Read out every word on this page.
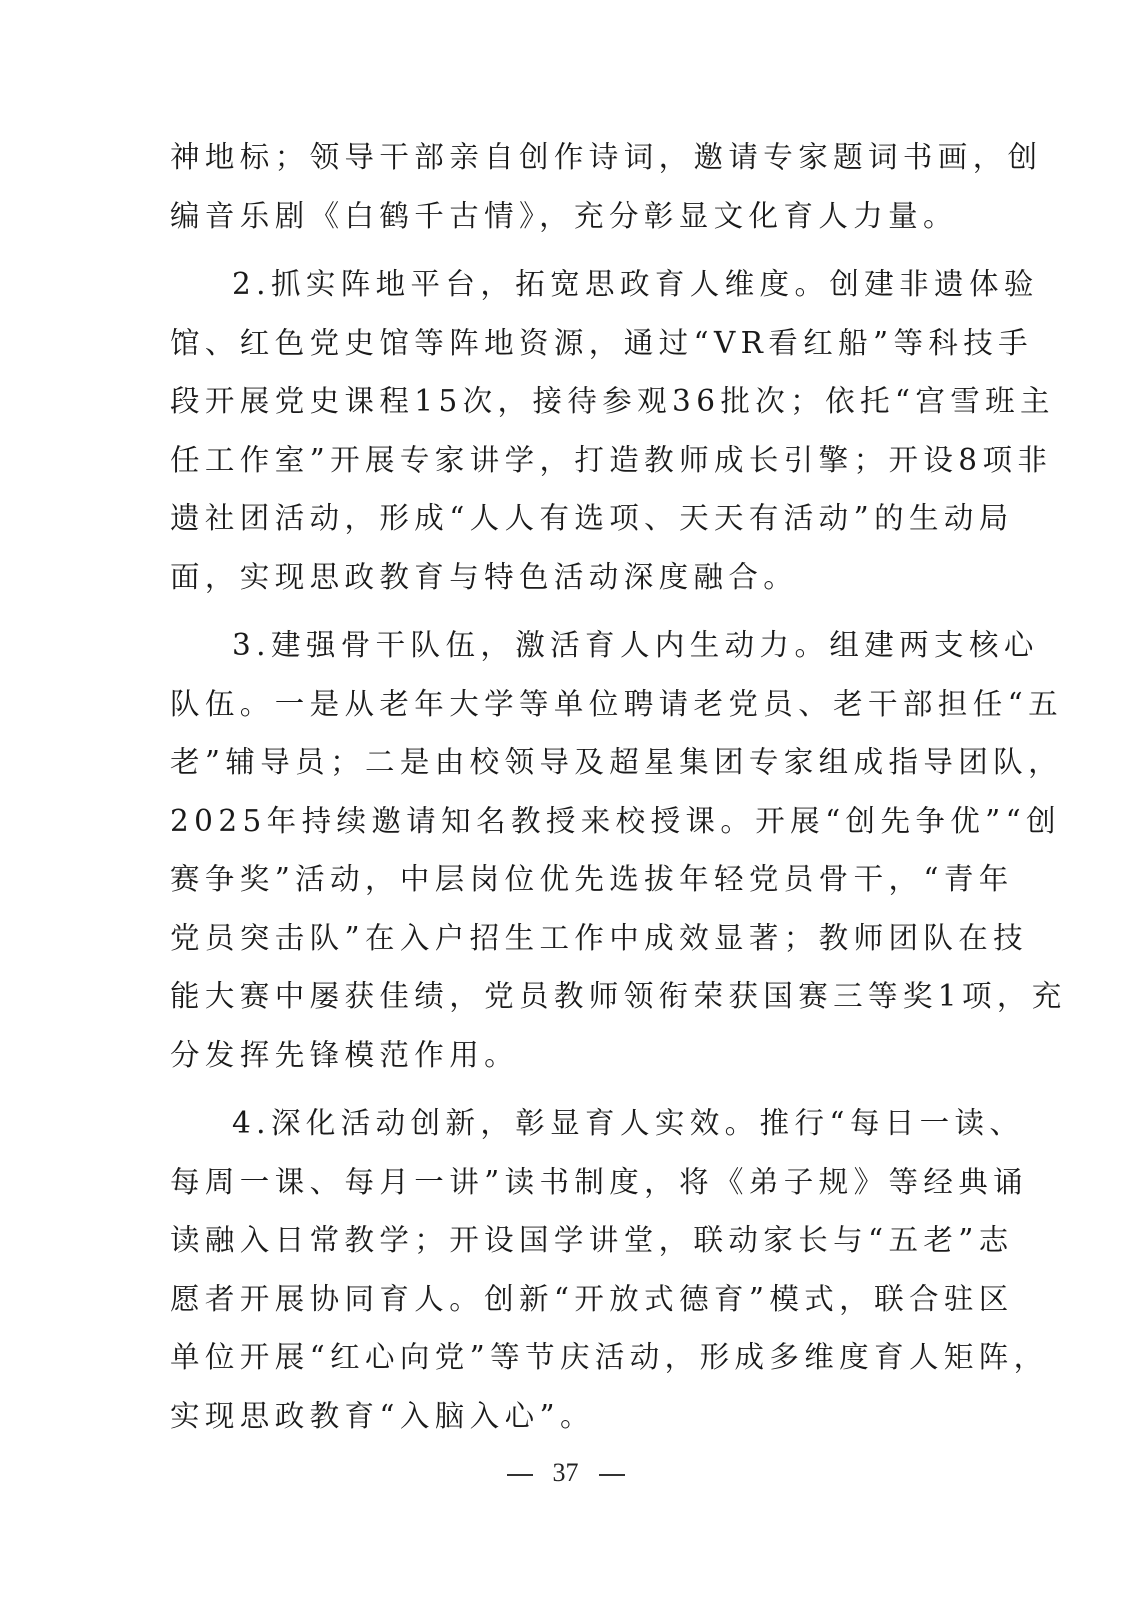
神地标；领导干部亲自创作诗词，邀请专家题词书画，创
编音乐剧《白鹤千古情》，充分彰显文化育人力量。
2.抓实阵地平台，拓宽思政育人维度。创建非遗体验
馆、红色党史馆等阵地资源，通过“VR看红船”等科技手
段开展党史课程15次，接待参观36批次；依托“宫雪班主
任工作室”开展专家讲学，打造教师成长引擎；开设8项非
遗社团活动，形成“人人有选项、天天有活动”的生动局
面，实现思政教育与特色活动深度融合。
3.建强骨干队伍，激活育人内生动力。组建两支核心
队伍。一是从老年大学等单位聘请老党员、老干部担任“五
老”辅导员；二是由校领导及超星集团专家组成指导团队，
2025年持续邀请知名教授来校授课。开展“创先争优”“创
赛争奖”活动，中层岗位优先选拔年轻党员骨干，“青年
党员突击队”在入户招生工作中成效显著；教师团队在技
能大赛中屡获佳绩，党员教师领衔荣获国赛三等奖1项，充
分发挥先锋模范作用。
4.深化活动创新，彰显育人实效。推行“每日一读、
每周一课、每月一讲”读书制度，将《弟子规》等经典诵
读融入日常教学；开设国学讲堂，联动家长与“五老”志
愿者开展协同育人。创新“开放式德育”模式，联合驻区
单位开展“红心向党”等节庆活动，形成多维度育人矩阵，
实现思政教育“入脑入心”。
37
